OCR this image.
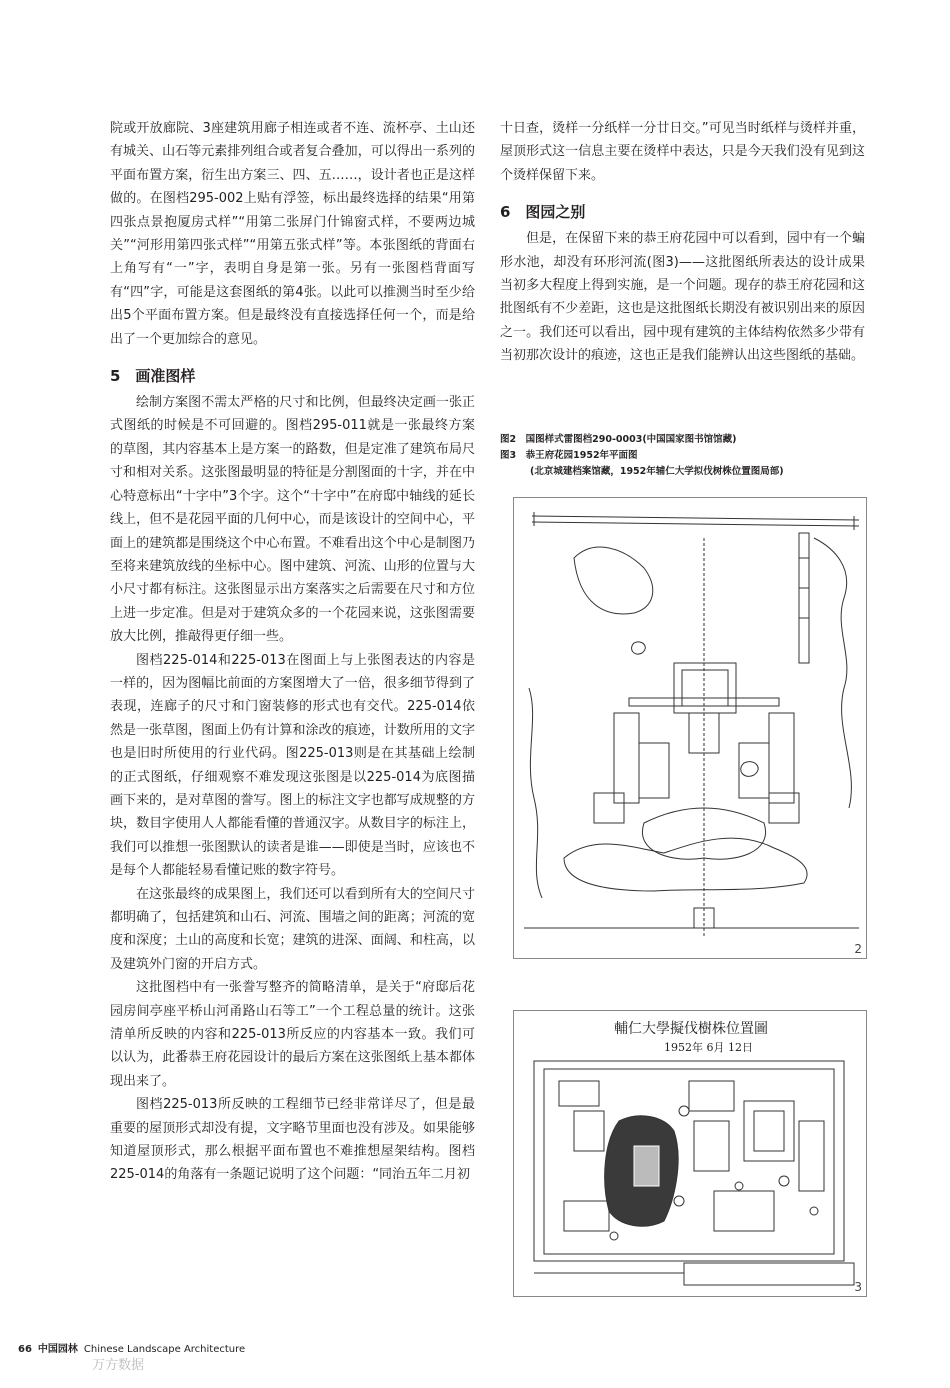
院或开放廊院、3座建筑用廊子相连或者不连、流杯亭、土山还有城关、山石等元素排列组合或者复合叠加，可以得出一系列的平面布置方案，衍生出方案三、四、五……，设计者也正是这样做的。在图档295-002上贴有浮签，标出最终选择的结果“用第四张点景抱厦房式样”“用第二张屏门什锦窗式样，不要两边城关”“河形用第四张式样”“用第五张式样”等。本张图纸的背面右上角写有“一”字，表明自身是第一张。另有一张图档背面写有“四”字，可能是这套图纸的第4张。以此可以推测当时至少给出5个平面布置方案。但是最终没有直接选择任何一个，而是给出了一个更加综合的意见。

5　画准图样

绘制方案图不需太严格的尺寸和比例，但最终决定画一张正式图纸的时候是不可回避的。图档295-011就是一张最终方案的草图，其内容基本上是方案一的路数，但是定准了建筑布局尺寸和相对关系。这张图最明显的特征是分割图面的十字，并在中心特意标出“十字中”3个字。这个“十字中”在府邸中轴线的延长线上，但不是花园平面的几何中心，而是该设计的空间中心，平面上的建筑都是围绕这个中心布置。不难看出这个中心是制图乃至将来建筑放线的坐标中心。图中建筑、河流、山形的位置与大小尺寸都有标注。这张图显示出方案落实之后需要在尺寸和方位上进一步定准。但是对于建筑众多的一个花园来说，这张图需要放大比例，推敲得更仔细一些。

图档225-014和225-013在图面上与上张图表达的内容是一样的，因为图幅比前面的方案图增大了一倍，很多细节得到了表现，连廊子的尺寸和门窗装修的形式也有交代。225-014依然是一张草图，图面上仍有计算和涂改的痕迹，计数所用的文字也是旧时所使用的行业代码。图225-013则是在其基础上绘制的正式图纸，仔细观察不难发现这张图是以225-014为底图描画下来的，是对草图的誊写。图上的标注文字也都写成规整的方块，数目字使用人人都能看懂的普通汉字。从数目字的标注上，我们可以推想一张图默认的读者是谁——即使是当时，应该也不是每个人都能轻易看懂记账的数字符号。

在这张最终的成果图上，我们还可以看到所有大的空间尺寸都明确了，包括建筑和山石、河流、围墙之间的距离；河流的宽度和深度；土山的高度和长宽；建筑的进深、面阔、和柱高，以及建筑外门窗的开启方式。

这批图档中有一张誊写整齐的简略清单，是关于“府邸后花园房间亭座平桥山河甬路山石等工”一个工程总量的统计。这张清单所反映的内容和225-013所反应的内容基本一致。我们可以认为，此番恭王府花园设计的最后方案在这张图纸上基本都体现出来了。

图档225-013所反映的工程细节已经非常详尽了，但是最重要的屋顶形式却没有提，文字略节里面也没有涉及。如果能够知道屋顶形式，那么根据平面布置也不难推想屋架结构。图档225-014的角落有一条题记说明了这个问题：“同治五年二月初

十日查，烫样一分纸样一分廿日交。”可见当时纸样与烫样并重，屋顶形式这一信息主要在烫样中表达，只是今天我们没有见到这个烫样保留下来。

6　图园之别

但是，在保留下来的恭王府花园中可以看到，园中有一个蝙形水池，却没有环形河流(图3)——这批图纸所表达的设计成果当初多大程度上得到实施，是一个问题。现存的恭王府花园和这批图纸有不少差距，这也是这批图纸长期没有被识别出来的原因之一。我们还可以看出，园中现有建筑的主体结构依然多少带有当初那次设计的痕迹，这也正是我们能辨认出这些图纸的基础。

图2　国图样式雷图档290-0003(中国国家图书馆馆藏)
图3　恭王府花园1952年平面图
(北京城建档案馆藏，1952年辅仁大学拟伐树株位置图局部)
2
輔仁大學擬伐樹株位置圖
1952年 6月 12日
3
66 中国园林 Chinese Landscape Architecture
万方数据
